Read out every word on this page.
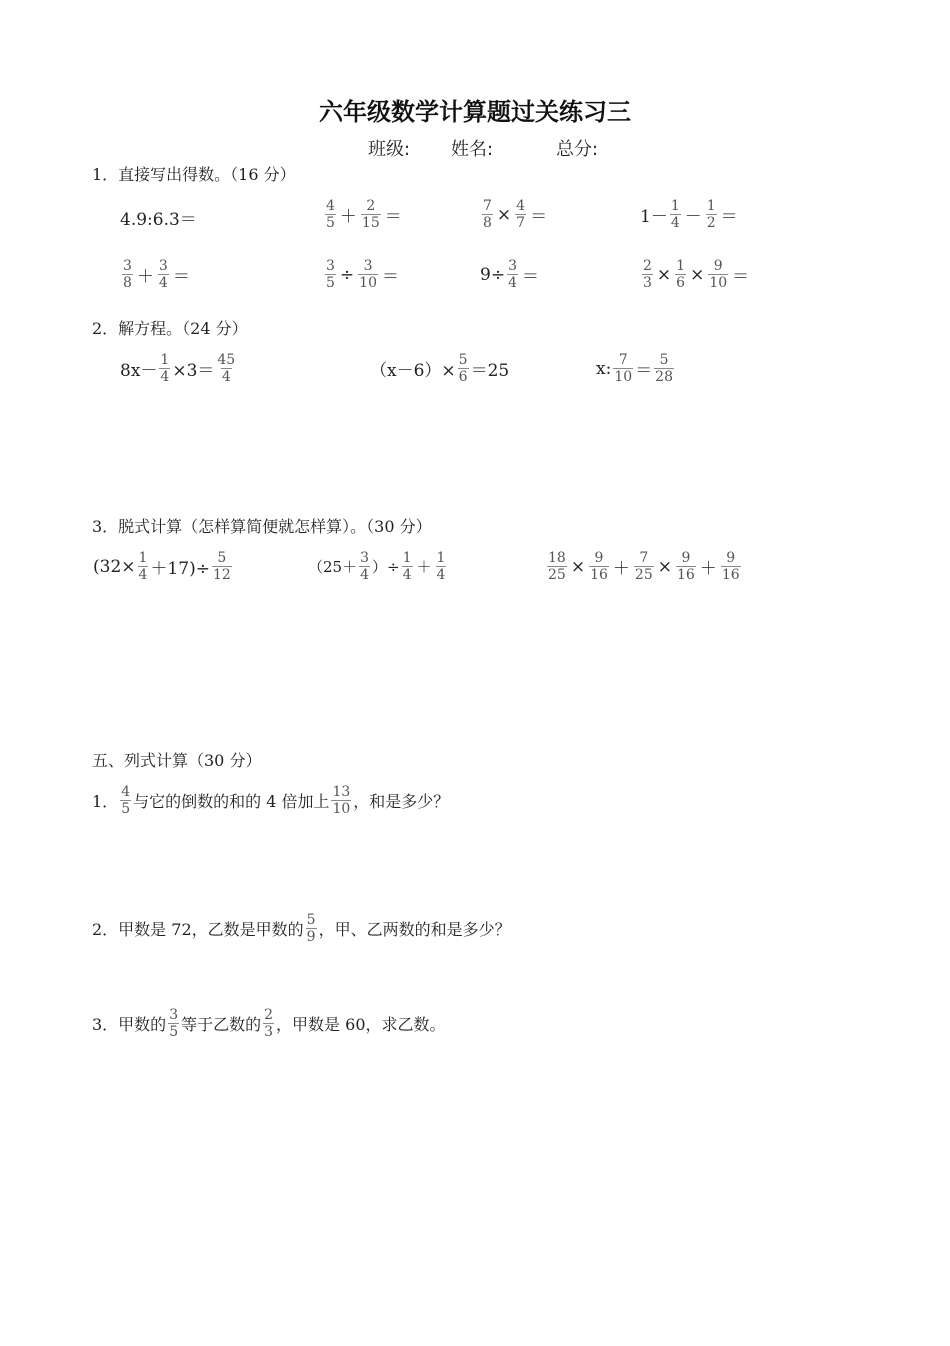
六年级数学计算题过关练习三
班级: 姓名:	总分:
1．直接写出得数。（16 分）
4.9:6.3＝	$\frac{4}{5} + \frac{2}{15}$ ＝	$\frac{7}{8} \times \frac{4}{7}$ ＝	$1- \frac{1}{4} - \frac{1}{2}$ ＝
$\frac{3}{8} + \frac{3}{4}$ ＝	$\frac{3}{5} \div \frac{3}{10}$ ＝	$9\div \frac{3}{4}$ ＝	$\frac{2}{3} \times \frac{1}{6} \times \frac{9}{10}$ ＝
2．解方程。（24 分）
$8x- \frac{1}{4} \times 3= \frac{45}{4}$	$(x-6)\times \frac{5}{6} =25$	x: $\frac{7}{10} = \frac{5}{28}$
3．脱式计算（怎样算简便就怎样算）。（30 分）
$(32\times \frac{1}{4} +17)\div \frac{5}{12}$	（$25+ \frac{3}{4}$ ）÷ $\frac{1}{4} + \frac{1}{4}$	$\frac{18}{25} \times \frac{9}{16} + \frac{7}{25} \times \frac{9}{16} + \frac{9}{16}$
五、列式计算（30 分）
1． $\frac{4}{5}$ 与它的倒数的和的 4 倍加上 $\frac{13}{10}$ ，和是多少？
2．甲数是 72，乙数是甲数的 $\frac{5}{9}$ ，甲、乙两数的和是多少？
3．甲数的 $\frac{3}{5}$ 等于乙数的 $\frac{2}{3}$ ，甲数是 60，求乙数。
